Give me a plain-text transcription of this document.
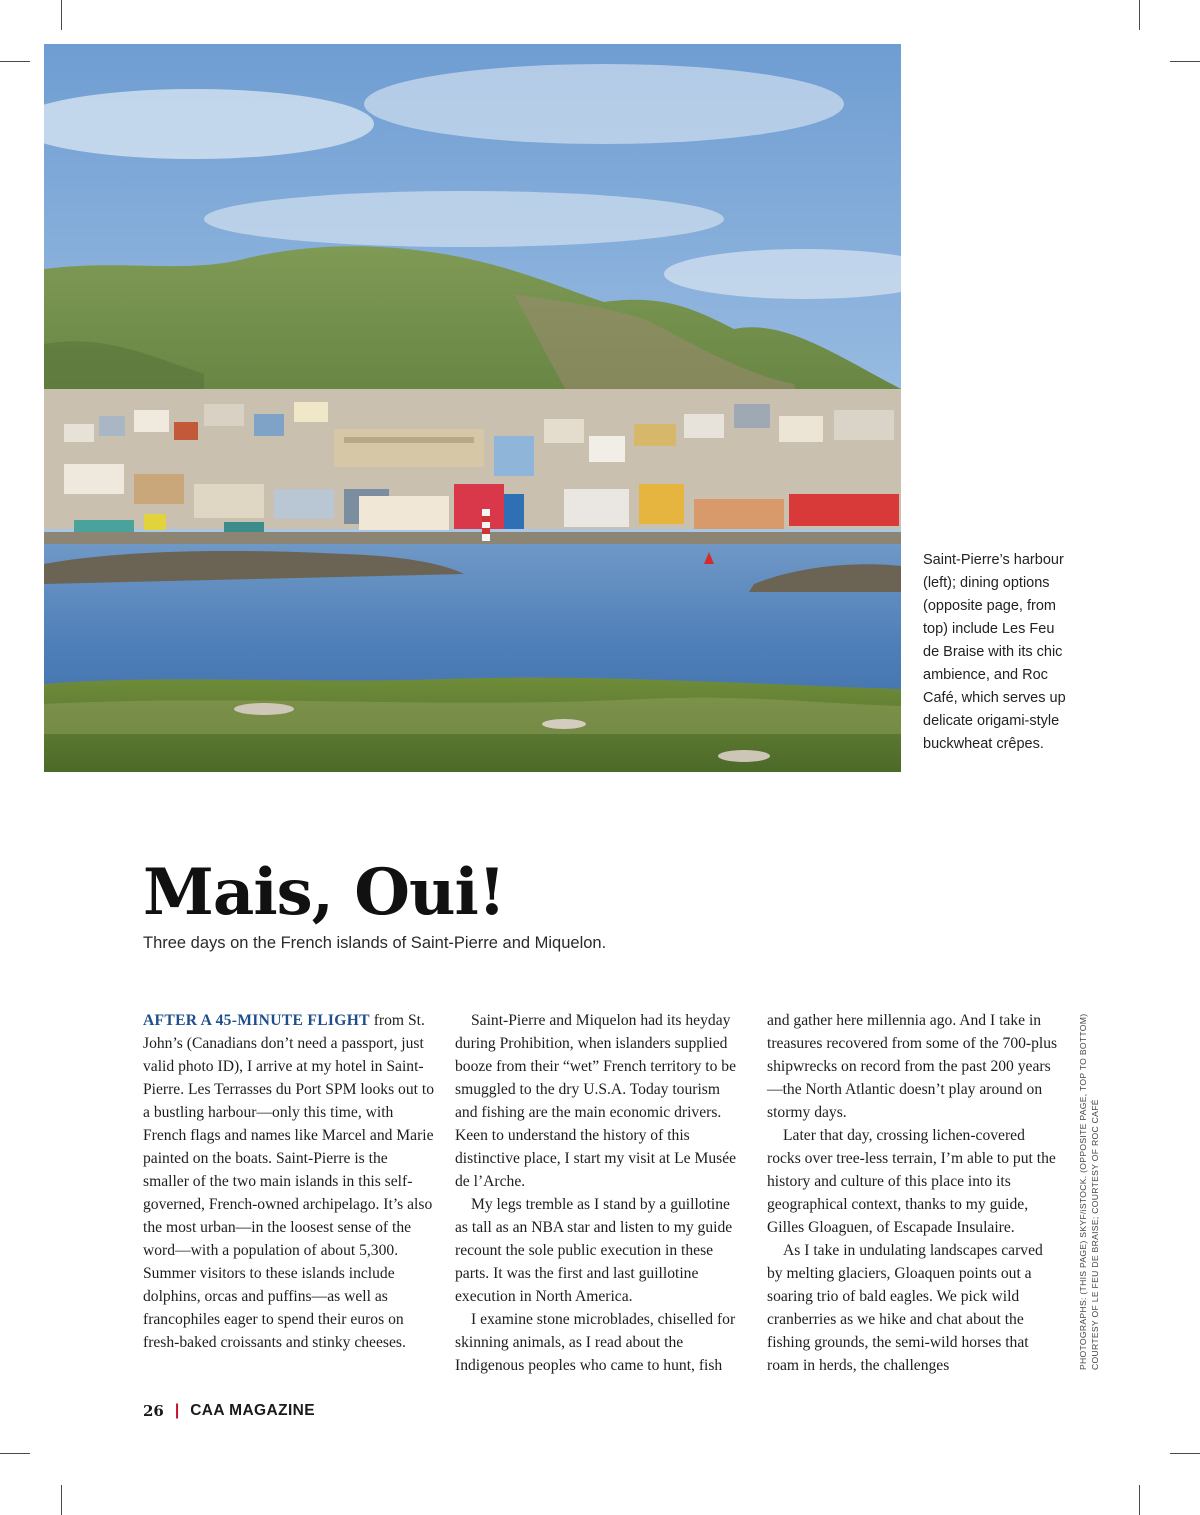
Saint-Pierre’s harbour (left); dining options (opposite page, from top) include Les Feu de Braise with its chic ambience, and Roc Café, which serves up delicate origami-style buckwheat crêpes.

Mais, Oui!

Three days on the French islands of Saint-Pierre and Miquelon.

AFTER A 45-MINUTE FLIGHT from St. John’s (Canadians don’t need a passport, just valid photo ID), I arrive at my hotel in Saint-Pierre. Les Terrasses du Port SPM looks out to a bustling harbour—only this time, with French flags and names like Marcel and Marie painted on the boats. Saint-Pierre is the smaller of the two main islands in this self-governed, French-owned archipelago. It’s also the most urban—in the loosest sense of the word—with a population of about 5,300. Summer visitors to these islands include dolphins, orcas and puffins—as well as francophiles eager to spend their euros on fresh-baked croissants and stinky cheeses.

Saint-Pierre and Miquelon had its heyday during Prohibition, when islanders supplied booze from their “wet” French territory to be smuggled to the dry U.S.A. Today tourism and fishing are the main economic drivers. Keen to understand the history of this distinctive place, I start my visit at Le Musée de l’Arche.

My legs tremble as I stand by a guillotine as tall as an NBA star and listen to my guide recount the sole public execution in these parts. It was the first and last guillotine execution in North America.

I examine stone microblades, chiselled for skinning animals, as I read about the Indigenous peoples who came to hunt, fish

and gather here millennia ago. And I take in treasures recovered from some of the 700-plus shipwrecks on record from the past 200 years—the North Atlantic doesn’t play around on stormy days.

Later that day, crossing lichen-covered rocks over tree-less terrain, I’m able to put the history and culture of this place into its geographical context, thanks to my guide, Gilles Gloaguen, of Escapade Insulaire.

As I take in undulating landscapes carved by melting glaciers, Gloaquen points out a soaring trio of bald eagles. We pick wild cranberries as we hike and chat about the fishing grounds, the semi-wild horses that roam in herds, the challenges	PHOTOGRAPHS: (THIS PAGE) SKYF/iSTOCK. (OPPOSITE PAGE, TOP TO BOTTOM) COURTESY OF LE FEU DE BRAISE; COURTESY OF ROC CAFÉ
26 | CAA MAGAZINE
